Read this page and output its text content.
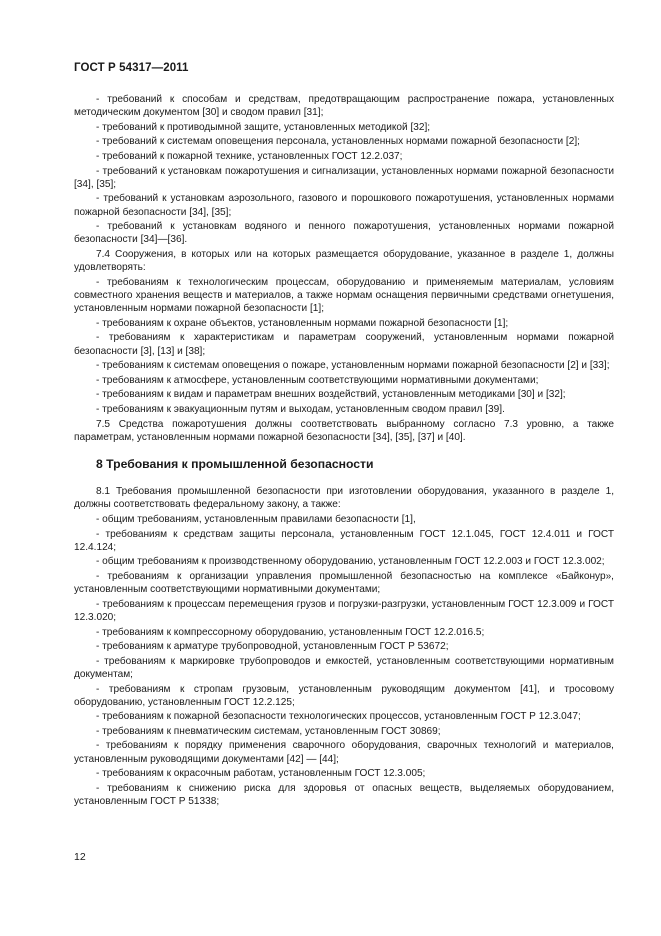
ГОСТ Р 54317—2011

- требований к способам и средствам, предотвращающим распространение пожара, установленных методическим документом [30] и сводом правил [31];

- требований к противодымной защите, установленных методикой [32];

- требований к системам оповещения персонала, установленных нормами пожарной безопасности [2];

- требований к пожарной технике, установленных ГОСТ 12.2.037;

- требований к установкам пожаротушения и сигнализации, установленных нормами пожарной безопасности [34], [35];

- требований к установкам аэрозольного, газового и порошкового пожаротушения, установленных нормами пожарной безопасности [34], [35];

- требований к установкам водяного и пенного пожаротушения, установленных нормами пожарной безопасности [34]—[36].

7.4 Сооружения, в которых или на которых размещается оборудование, указанное в разделе 1, должны удовлетворять:

- требованиям к технологическим процессам, оборудованию и применяемым материалам, условиям совместного хранения веществ и материалов, а также нормам оснащения первичными средствами огнетушения, установленным нормами пожарной безопасности [1];

- требованиям к охране объектов, установленным нормами пожарной безопасности [1];

- требованиям к характеристикам и параметрам сооружений, установленным нормами пожарной безопасности [3], [13] и [38];

- требованиям к системам оповещения о пожаре, установленным нормами пожарной безопасности [2] и [33];

- требованиям к атмосфере, установленным соответствующими нормативными документами;

- требованиям к видам и параметрам внешних воздействий, установленным методиками [30] и [32];

- требованиям к эвакуационным путям и выходам, установленным сводом правил [39].

7.5 Средства пожаротушения должны соответствовать выбранному согласно 7.3 уровню, а также параметрам, установленным нормами пожарной безопасности [34], [35], [37] и [40].

8 Требования к промышленной безопасности

8.1 Требования промышленной безопасности при изготовлении оборудования, указанного в разделе 1, должны соответствовать федеральному закону, а также:

- общим требованиям, установленным правилами безопасности [1],

- требованиям к средствам защиты персонала, установленным ГОСТ 12.1.045, ГОСТ 12.4.011 и ГОСТ 12.4.124;

- общим требованиям к производственному оборудованию, установленным ГОСТ 12.2.003 и ГОСТ 12.3.002;

- требованиям к организации управления промышленной безопасностью на комплексе «Байконур», установленным соответствующими нормативными документами;

- требованиям к процессам перемещения грузов и погрузки-разгрузки, установленным ГОСТ 12.3.009 и ГОСТ 12.3.020;

- требованиям к компрессорному оборудованию, установленным ГОСТ 12.2.016.5;

- требованиям к арматуре трубопроводной, установленным ГОСТ Р 53672;

- требованиям к маркировке трубопроводов и емкостей, установленным соответствующими нормативным документам;

- требованиям к стропам грузовым, установленным руководящим документом [41], и тросовому оборудованию, установленным ГОСТ 12.2.125;

- требованиям к пожарной безопасности технологических процессов, установленным ГОСТ Р 12.3.047;

- требованиям к пневматическим системам, установленным ГОСТ 30869;

- требованиям к порядку применения сварочного оборудования, сварочных технологий и материалов, установленным руководящими документами [42] — [44];

- требованиям к окрасочным работам, установленным ГОСТ 12.3.005;

- требованиям к снижению риска для здоровья от опасных веществ, выделяемых оборудованием, установленным ГОСТ Р 51338;

12
